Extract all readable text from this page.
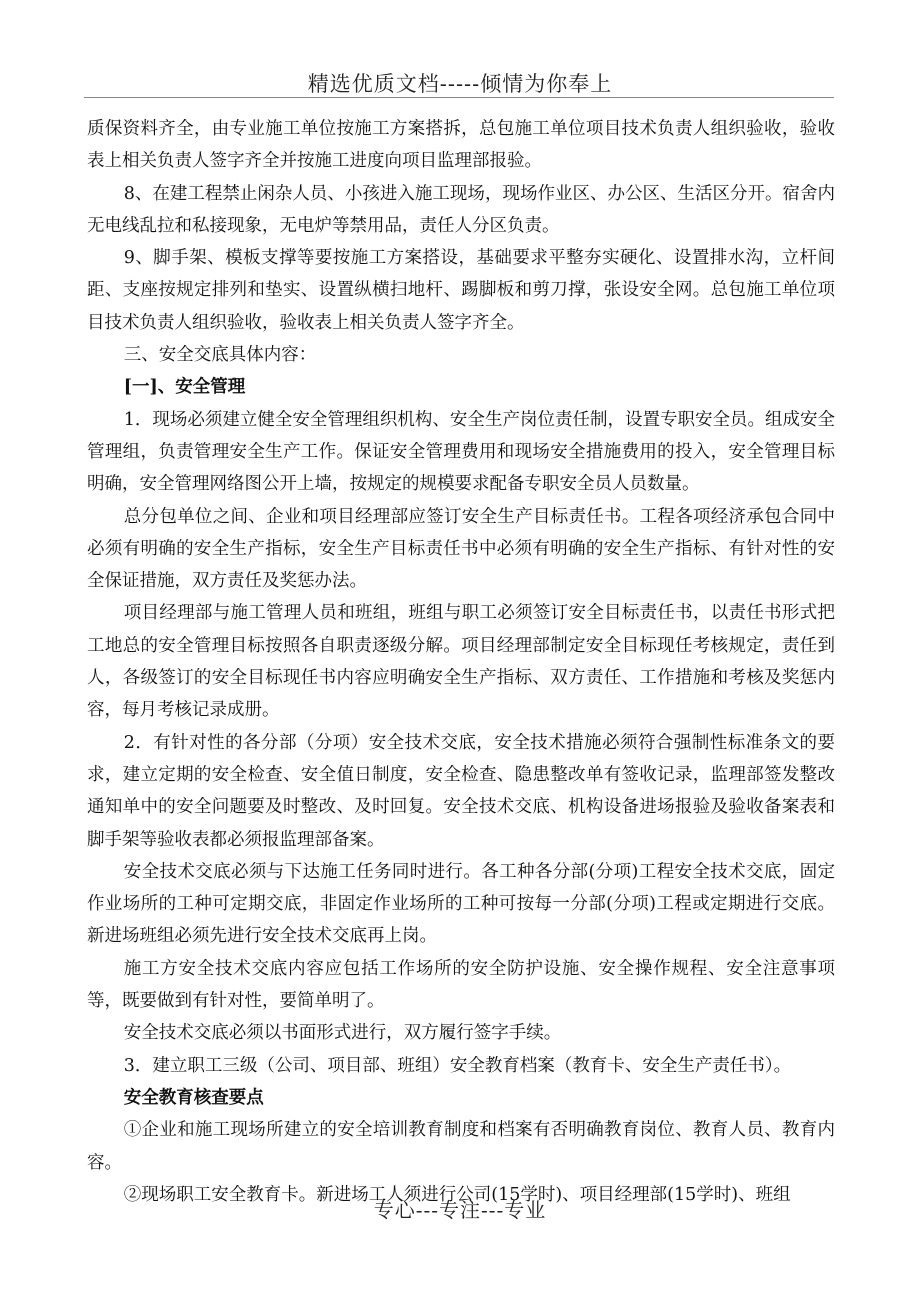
精选优质文档-----倾情为你奉上

质保资料齐全，由专业施工单位按施工方案搭拆，总包施工单位项目技术负责人组织验收，验收表上相关负责人签字齐全并按施工进度向项目监理部报验。

8、在建工程禁止闲杂人员、小孩进入施工现场，现场作业区、办公区、生活区分开。宿舍内无电线乱拉和私接现象，无电炉等禁用品，责任人分区负责。

9、脚手架、模板支撑等要按施工方案搭设，基础要求平整夯实硬化、设置排水沟，立杆间距、支座按规定排列和垫实、设置纵横扫地杆、踢脚板和剪刀撑，张设安全网。总包施工单位项目技术负责人组织验收，验收表上相关负责人签字齐全。

三、安全交底具体内容：

[一]、安全管理

1．现场必须建立健全安全管理组织机构、安全生产岗位责任制，设置专职安全员。组成安全管理组，负责管理安全生产工作。保证安全管理费用和现场安全措施费用的投入，安全管理目标明确，安全管理网络图公开上墙，按规定的规模要求配备专职安全员人员数量。

总分包单位之间、企业和项目经理部应签订安全生产目标责任书。工程各项经济承包合同中必须有明确的安全生产指标，安全生产目标责任书中必须有明确的安全生产指标、有针对性的安全保证措施，双方责任及奖惩办法。

项目经理部与施工管理人员和班组，班组与职工必须签订安全目标责任书，以责任书形式把工地总的安全管理目标按照各自职责逐级分解。项目经理部制定安全目标现任考核规定，责任到人，各级签订的安全目标现任书内容应明确安全生产指标、双方责任、工作措施和考核及奖惩内容，每月考核记录成册。

2．有针对性的各分部（分项）安全技术交底，安全技术措施必须符合强制性标准条文的要求，建立定期的安全检查、安全值日制度，安全检查、隐患整改单有签收记录，监理部签发整改通知单中的安全问题要及时整改、及时回复。安全技术交底、机构设备进场报验及验收备案表和脚手架等验收表都必须报监理部备案。

安全技术交底必须与下达施工任务同时进行。各工种各分部(分项)工程安全技术交底，固定作业场所的工种可定期交底，非固定作业场所的工种可按每一分部(分项)工程或定期进行交底。新进场班组必须先进行安全技术交底再上岗。

施工方安全技术交底内容应包括工作场所的安全防护设施、安全操作规程、安全注意事项等，既要做到有针对性，要简单明了。

安全技术交底必须以书面形式进行，双方履行签字手续。

3．建立职工三级（公司、项目部、班组）安全教育档案（教育卡、安全生产责任书）。

安全教育核查要点

①企业和施工现场所建立的安全培训教育制度和档案有否明确教育岗位、教育人员、教育内容。

②现场职工安全教育卡。新进场工人须进行公司(15学时)、项目经理部(15学时)、班组

专心---专注---专业
